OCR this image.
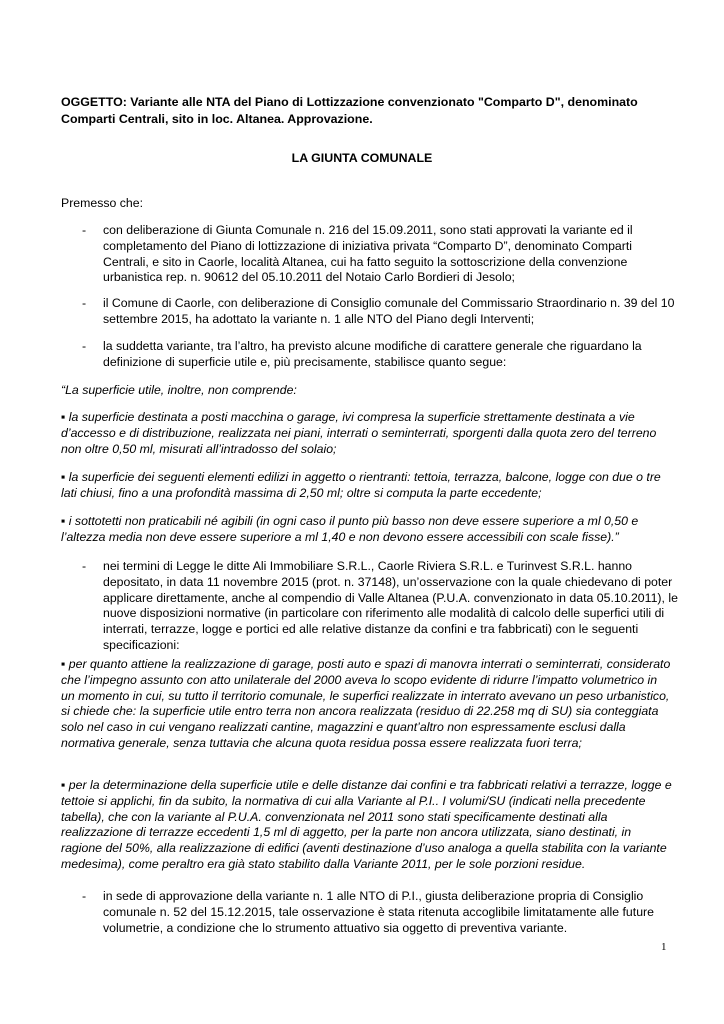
OGGETTO: Variante alle NTA del Piano di Lottizzazione convenzionato "Comparto D", denominato Comparti Centrali, sito in loc. Altanea. Approvazione.

LA GIUNTA COMUNALE

Premesso che:

-	con deliberazione di Giunta Comunale n. 216 del 15.09.2011, sono stati approvati la variante ed il completamento del Piano di lottizzazione di iniziativa privata “Comparto D”, denominato Comparti Centrali, e sito in Caorle, località Altanea, cui ha fatto seguito la sottoscrizione della convenzione urbanistica rep. n. 90612 del 05.10.2011 del Notaio Carlo Bordieri di Jesolo;
-	il Comune di Caorle, con deliberazione di Consiglio comunale del Commissario Straordinario n. 39 del 10 settembre 2015, ha adottato la variante n. 1 alle NTO del Piano degli Interventi;
-	la suddetta variante, tra l’altro, ha previsto alcune modifiche di carattere generale che riguardano la definizione di superficie utile e, più precisamente, stabilisce quanto segue:

“La superficie utile, inoltre, non comprende:

▪ la superficie destinata a posti macchina o garage, ivi compresa la superficie strettamente destinata a vie d’accesso e di distribuzione, realizzata nei piani, interrati o seminterrati, sporgenti dalla quota zero del terreno non oltre 0,50 ml, misurati all’intradosso del solaio;

▪ la superficie dei seguenti elementi edilizi in aggetto o rientranti: tettoia, terrazza, balcone, logge con due o tre lati chiusi, fino a una profondità massima di 2,50 ml; oltre si computa la parte eccedente;

▪ i sottotetti non praticabili né agibili (in ogni caso il punto più basso non deve essere superiore a ml 0,50 e l’altezza media non deve essere superiore a ml 1,40 e non devono essere accessibili con scale fisse).”

-	nei termini di Legge le ditte Ali Immobiliare S.R.L., Caorle Riviera S.R.L. e Turinvest S.R.L. hanno depositato, in data 11 novembre 2015 (prot. n. 37148), un’osservazione con la quale chiedevano di poter applicare direttamente, anche al compendio di Valle Altanea (P.U.A. convenzionato in data 05.10.2011), le nuove disposizioni normative (in particolare con riferimento alle modalità di calcolo delle superfici utili di interrati, terrazze, logge e portici ed alle relative distanze da confini e tra fabbricati) con le seguenti specificazioni:

▪ per quanto attiene la realizzazione di garage, posti auto e spazi di manovra interrati o seminterrati, considerato che l’impegno assunto con atto unilaterale del 2000 aveva lo scopo evidente di ridurre l’impatto volumetrico in un momento in cui, su tutto il territorio comunale, le superfici realizzate in interrato avevano un peso urbanistico, si chiede che: la superficie utile entro terra non ancora realizzata (residuo di 22.258 mq di SU) sia conteggiata solo nel caso in cui vengano realizzati cantine, magazzini e quant’altro non espressamente esclusi dalla normativa generale, senza tuttavia che alcuna quota residua possa essere realizzata fuori terra;

▪ per la determinazione della superficie utile e delle distanze dai confini e tra fabbricati relativi a terrazze, logge e tettoie si applichi, fin da subito, la normativa di cui alla Variante al P.I.. I volumi/SU (indicati nella precedente tabella), che con la variante al P.U.A. convenzionata nel 2011 sono stati specificamente destinati alla realizzazione di terrazze eccedenti 1,5 ml di aggetto, per la parte non ancora utilizzata, siano destinati, in ragione del 50%, alla realizzazione di edifici (aventi destinazione d’uso analoga a quella stabilita con la variante medesima), come peraltro era già stato stabilito dalla Variante 2011, per le sole porzioni residue.

-	in sede di approvazione della variante n. 1 alle NTO di P.I., giusta deliberazione propria di Consiglio comunale n. 52 del 15.12.2015, tale osservazione è stata ritenuta accoglibile limitatamente alle future volumetrie, a condizione che lo strumento attuativo sia oggetto di preventiva variante.
1
